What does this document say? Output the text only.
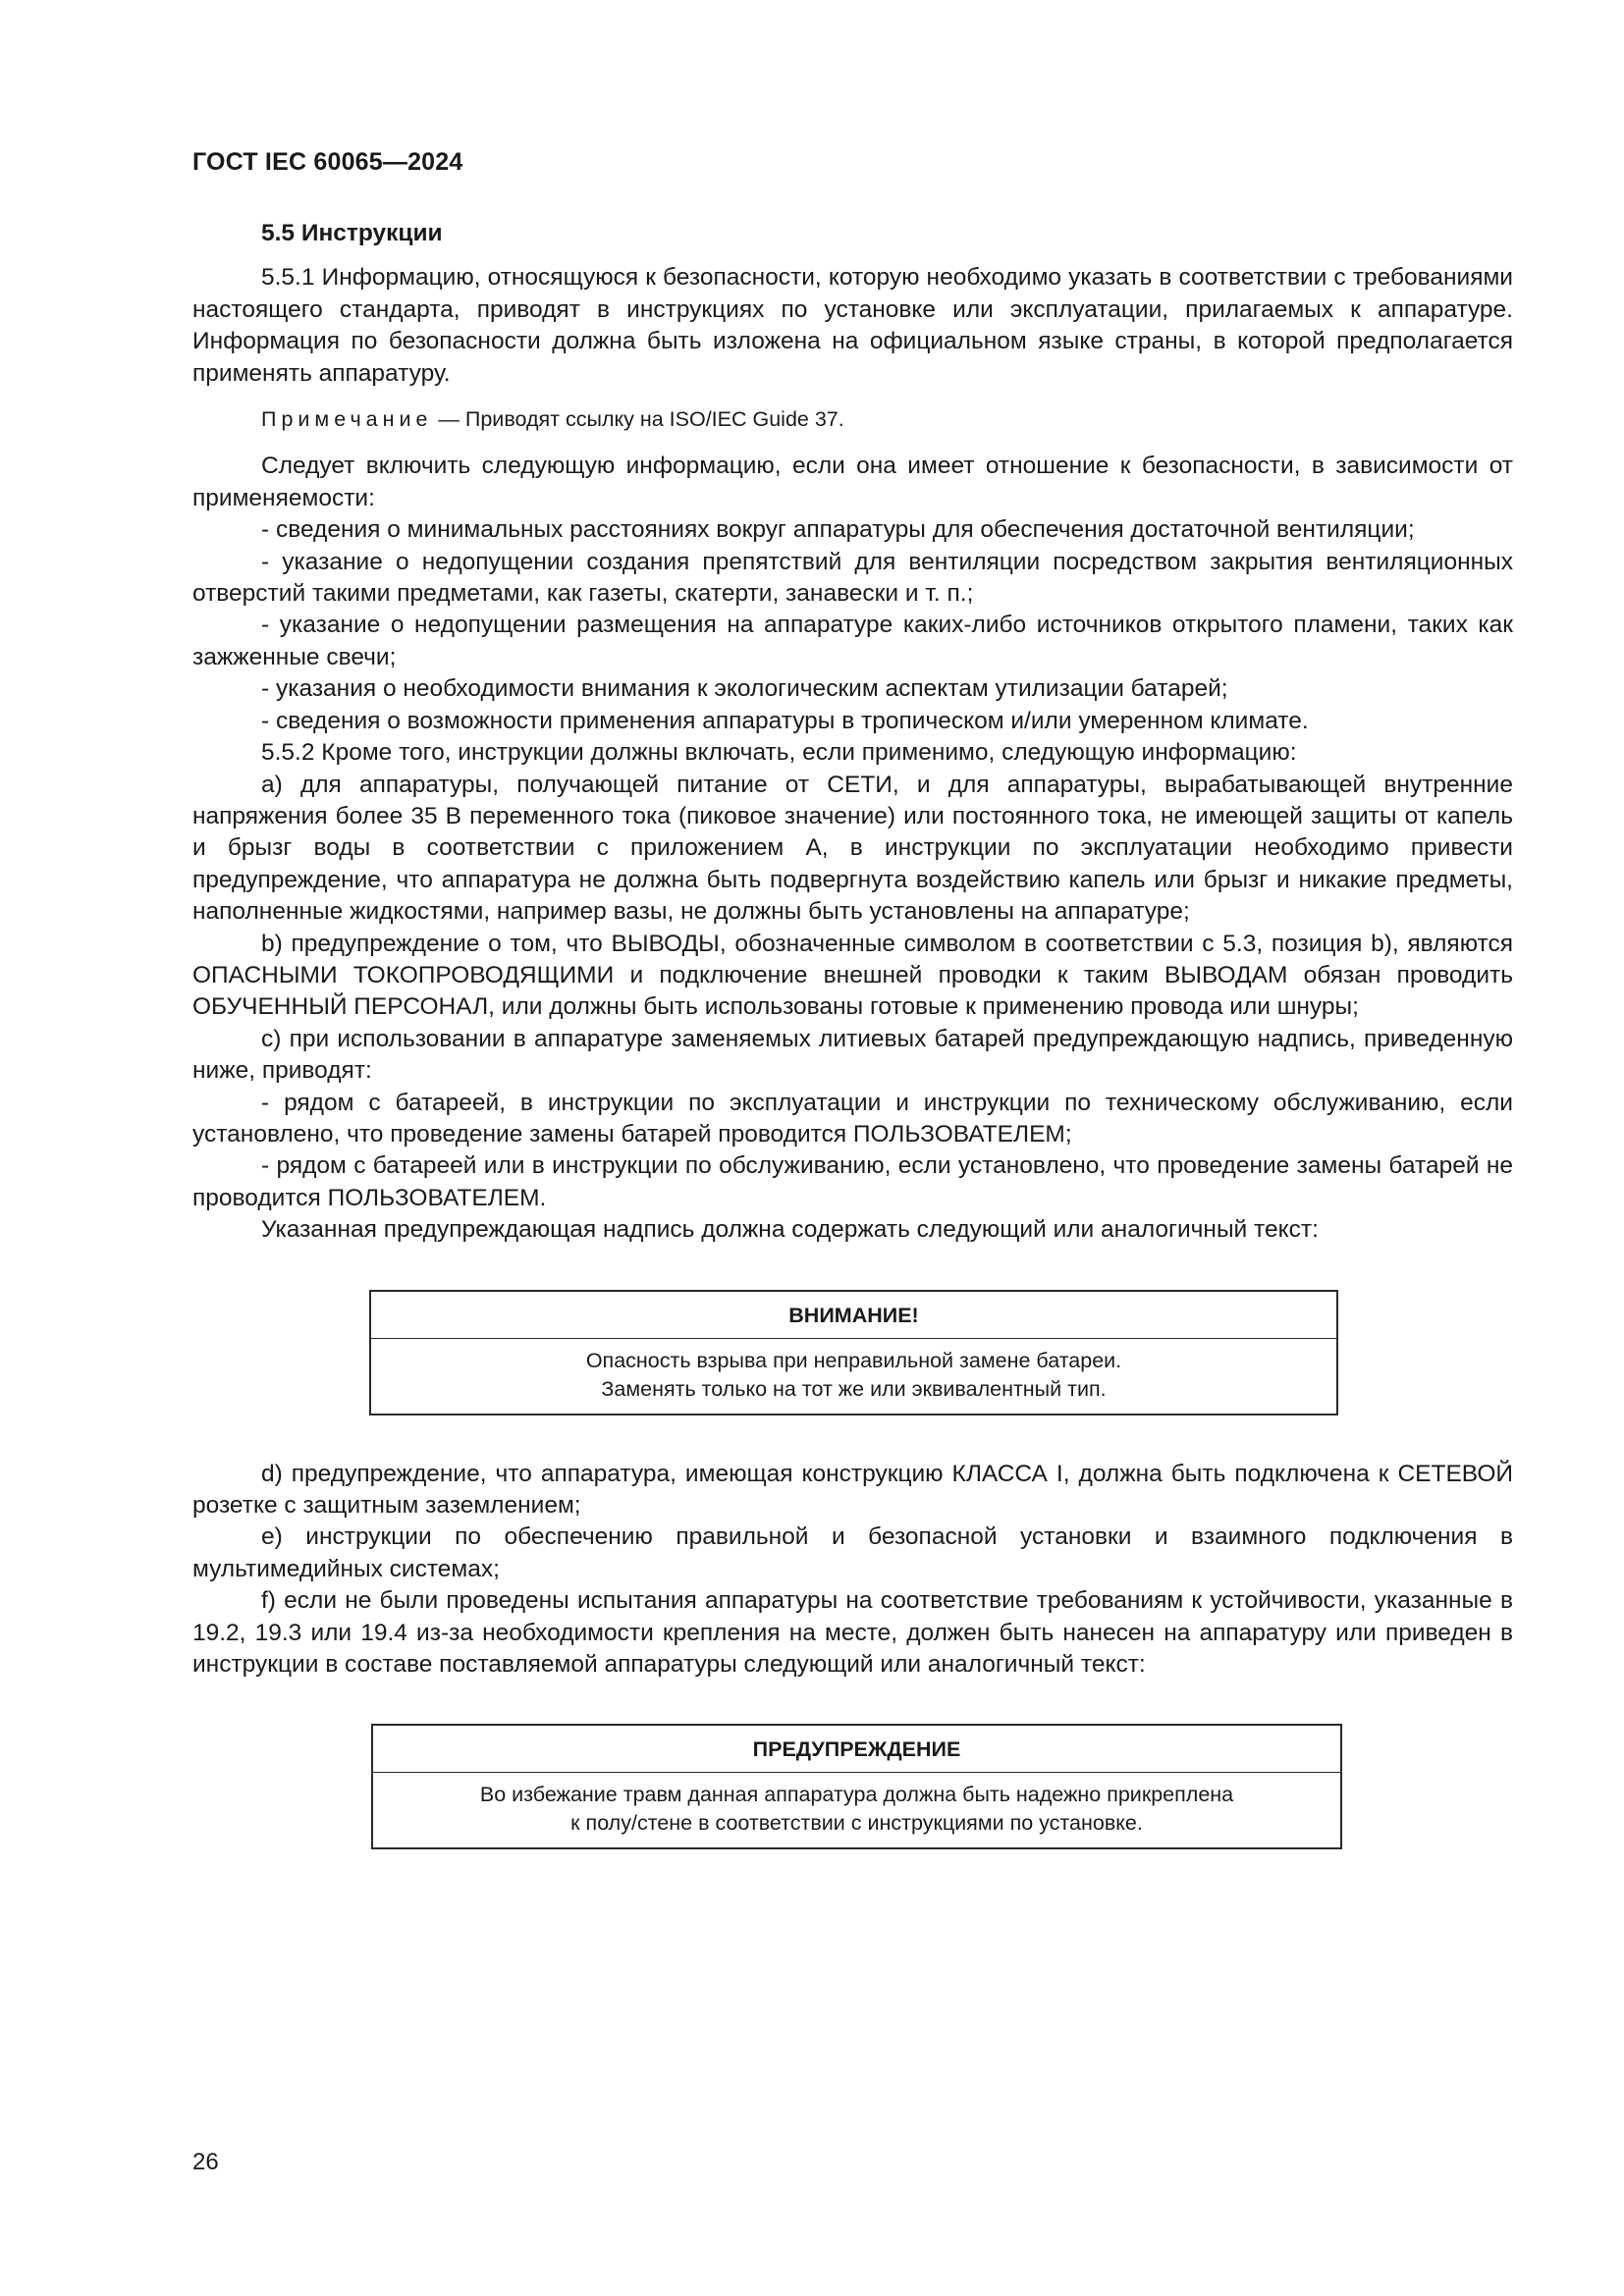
ГОСТ IEC 60065—2024

5.5 Инструкции

5.5.1 Информацию, относящуюся к безопасности, которую необходимо указать в соответствии с требованиями настоящего стандарта, приводят в инструкциях по установке или эксплуатации, прилагаемых к аппаратуре. Информация по безопасности должна быть изложена на официальном языке страны, в которой предполагается применять аппаратуру.

Примечание — Приводят ссылку на ISO/IEC Guide 37.

Следует включить следующую информацию, если она имеет отношение к безопасности, в зависимости от применяемости:

- сведения о минимальных расстояниях вокруг аппаратуры для обеспечения достаточной вентиляции;

- указание о недопущении создания препятствий для вентиляции посредством закрытия вентиляционных отверстий такими предметами, как газеты, скатерти, занавески и т. п.;

- указание о недопущении размещения на аппаратуре каких-либо источников открытого пламени, таких как зажженные свечи;

- указания о необходимости внимания к экологическим аспектам утилизации батарей;

- сведения о возможности применения аппаратуры в тропическом и/или умеренном климате.

5.5.2 Кроме того, инструкции должны включать, если применимо, следующую информацию:

a) для аппаратуры, получающей питание от СЕТИ, и для аппаратуры, вырабатывающей внутренние напряжения более 35 В переменного тока (пиковое значение) или постоянного тока, не имеющей защиты от капель и брызг воды в соответствии с приложением А, в инструкции по эксплуатации необходимо привести предупреждение, что аппаратура не должна быть подвергнута воздействию капель или брызг и никакие предметы, наполненные жидкостями, например вазы, не должны быть установлены на аппаратуре;

b) предупреждение о том, что ВЫВОДЫ, обозначенные символом в соответствии с 5.3, позиция b), являются ОПАСНЫМИ ТОКОПРОВОДЯЩИМИ и подключение внешней проводки к таким ВЫВОДАМ обязан проводить ОБУЧЕННЫЙ ПЕРСОНАЛ, или должны быть использованы готовые к применению провода или шнуры;

c) при использовании в аппаратуре заменяемых литиевых батарей предупреждающую надпись, приведенную ниже, приводят:

- рядом с батареей, в инструкции по эксплуатации и инструкции по техническому обслуживанию, если установлено, что проведение замены батарей проводится ПОЛЬЗОВАТЕЛЕМ;

- рядом с батареей или в инструкции по обслуживанию, если установлено, что проведение замены батарей не проводится ПОЛЬЗОВАТЕЛЕМ.

Указанная предупреждающая надпись должна содержать следующий или аналогичный текст:

ВНИМАНИЕ!
Опасность взрыва при неправильной замене батареи.
Заменять только на тот же или эквивалентный тип.

d) предупреждение, что аппаратура, имеющая конструкцию КЛАССА I, должна быть подключена к СЕТЕВОЙ розетке с защитным заземлением;

e) инструкции по обеспечению правильной и безопасной установки и взаимного подключения в мультимедийных системах;

f) если не были проведены испытания аппаратуры на соответствие требованиям к устойчивости, указанные в 19.2, 19.3 или 19.4 из-за необходимости крепления на месте, должен быть нанесен на аппаратуру или приведен в инструкции в составе поставляемой аппаратуры следующий или аналогичный текст:

ПРЕДУПРЕЖДЕНИЕ
Во избежание травм данная аппаратура должна быть надежно прикреплена
к полу/стене в соответствии с инструкциями по установке.
26
